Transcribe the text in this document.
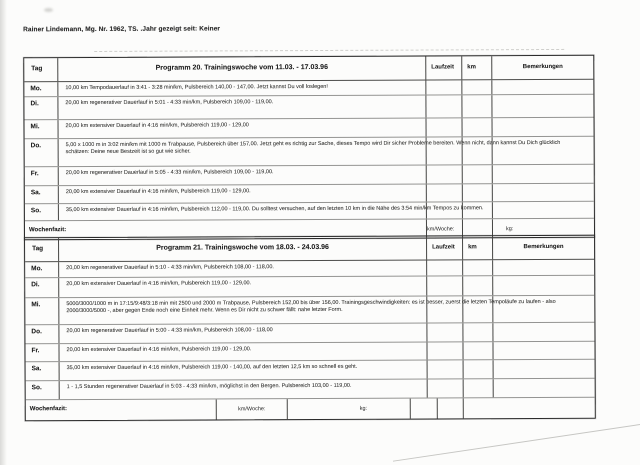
Rainer Lindemann, Mg. Nr. 1962, TS. .Jahr gezeigt seit: Keiner
Tag	Programm 20. Trainingswoche vom 11.03. - 17.03.96	Laufzeit	km	Bemerkungen
Mo.	10,00 km Tempodauerlauf in 3:41 - 3:28 min/km, Pulsbereich 140,00 - 147,00. Jetzt kannst Du voll loslegen!
Di.	20,00 km regenerativer Dauerlauf in 5:01 - 4:33 min/km, Pulsbereich 109,00 - 119,00.
Mi.	20,00 km extensiver Dauerlauf in 4:16 min/km, Pulsbereich 119,00 - 129,00
Do.	5,00 x 1000 m in 3:02 min/km mit 1000 m Trabpause, Pulsbereich über 157,00. Jetzt geht es richtig zur Sache, dieses Tempo wird Dir sicher Probleme bereiten. Wenn nicht, dann kannst Du Dich glücklich schätzen: Deine neue Bestzeit ist so gut wie sicher.
Fr.	20,00 km regenerativer Dauerlauf in 5:05 - 4:33 min/km, Pulsbereich 109,00 - 119,00.
Sa.	20,00 km extensiver Dauerlauf in 4:16 min/km, Pulsbereich 119,00 - 129,00.
So.	35,00 km extensiver Dauerlauf in 4:16 min/km, Pulsbereich 112,00 - 119,00. Du solltest versuchen, auf den letzten 10 km in die Nähe des 3:54 min/km Tempos zu kommen.
Wochenfazit:	km/Woche:	kg:
Tag	Programm 21. Trainingswoche vom 18.03. - 24.03.96	Laufzeit	km	Bemerkungen
Mo.	20,00 km regenerativer Dauerlauf in 5:10 - 4:33 min/km, Pulsbereich 108,00 - 118,00.
Di.	20,00 km extensiver Dauerlauf in 4:16 min/km, Pulsbereich 119,00 - 129,00.
Mi.	5000/3000/1000 m in 17:15/9:48/3:18 min mit 2500 und 2000 m Trabpause, Pulsbereich 152,00 bis über 156,00. Trainingsgeschwindigkeiten: es ist besser, zuerst die letzten Tempoläufe zu laufen - also 2000/3000/5000 -, aber gegen Ende noch eine Einheit mehr. Wenn es Dir nicht zu schwer fällt: nahe letzter Form.
Do.	20,00 km regenerativer Dauerlauf in 5:00 - 4:33 min/km, Pulsbereich 108,00 - 118,00
Fr.	20,00 km extensiver Dauerlauf in 4:16 min/km, Pulsbereich 119,00 - 129,00.
Sa.	35,00 km extensiver Dauerlauf in 4:16 min/km, Pulsbereich 119,00 - 140,00, auf den letzten 12,5 km so schnell es geht.
So.	1 - 1,5 Stunden regenerativer Dauerlauf in 5:03 - 4:33 min/km, möglichst in den Bergen. Pulsbereich 103,00 - 119,00.
Wochenfazit:	km/Woche:	kg:
